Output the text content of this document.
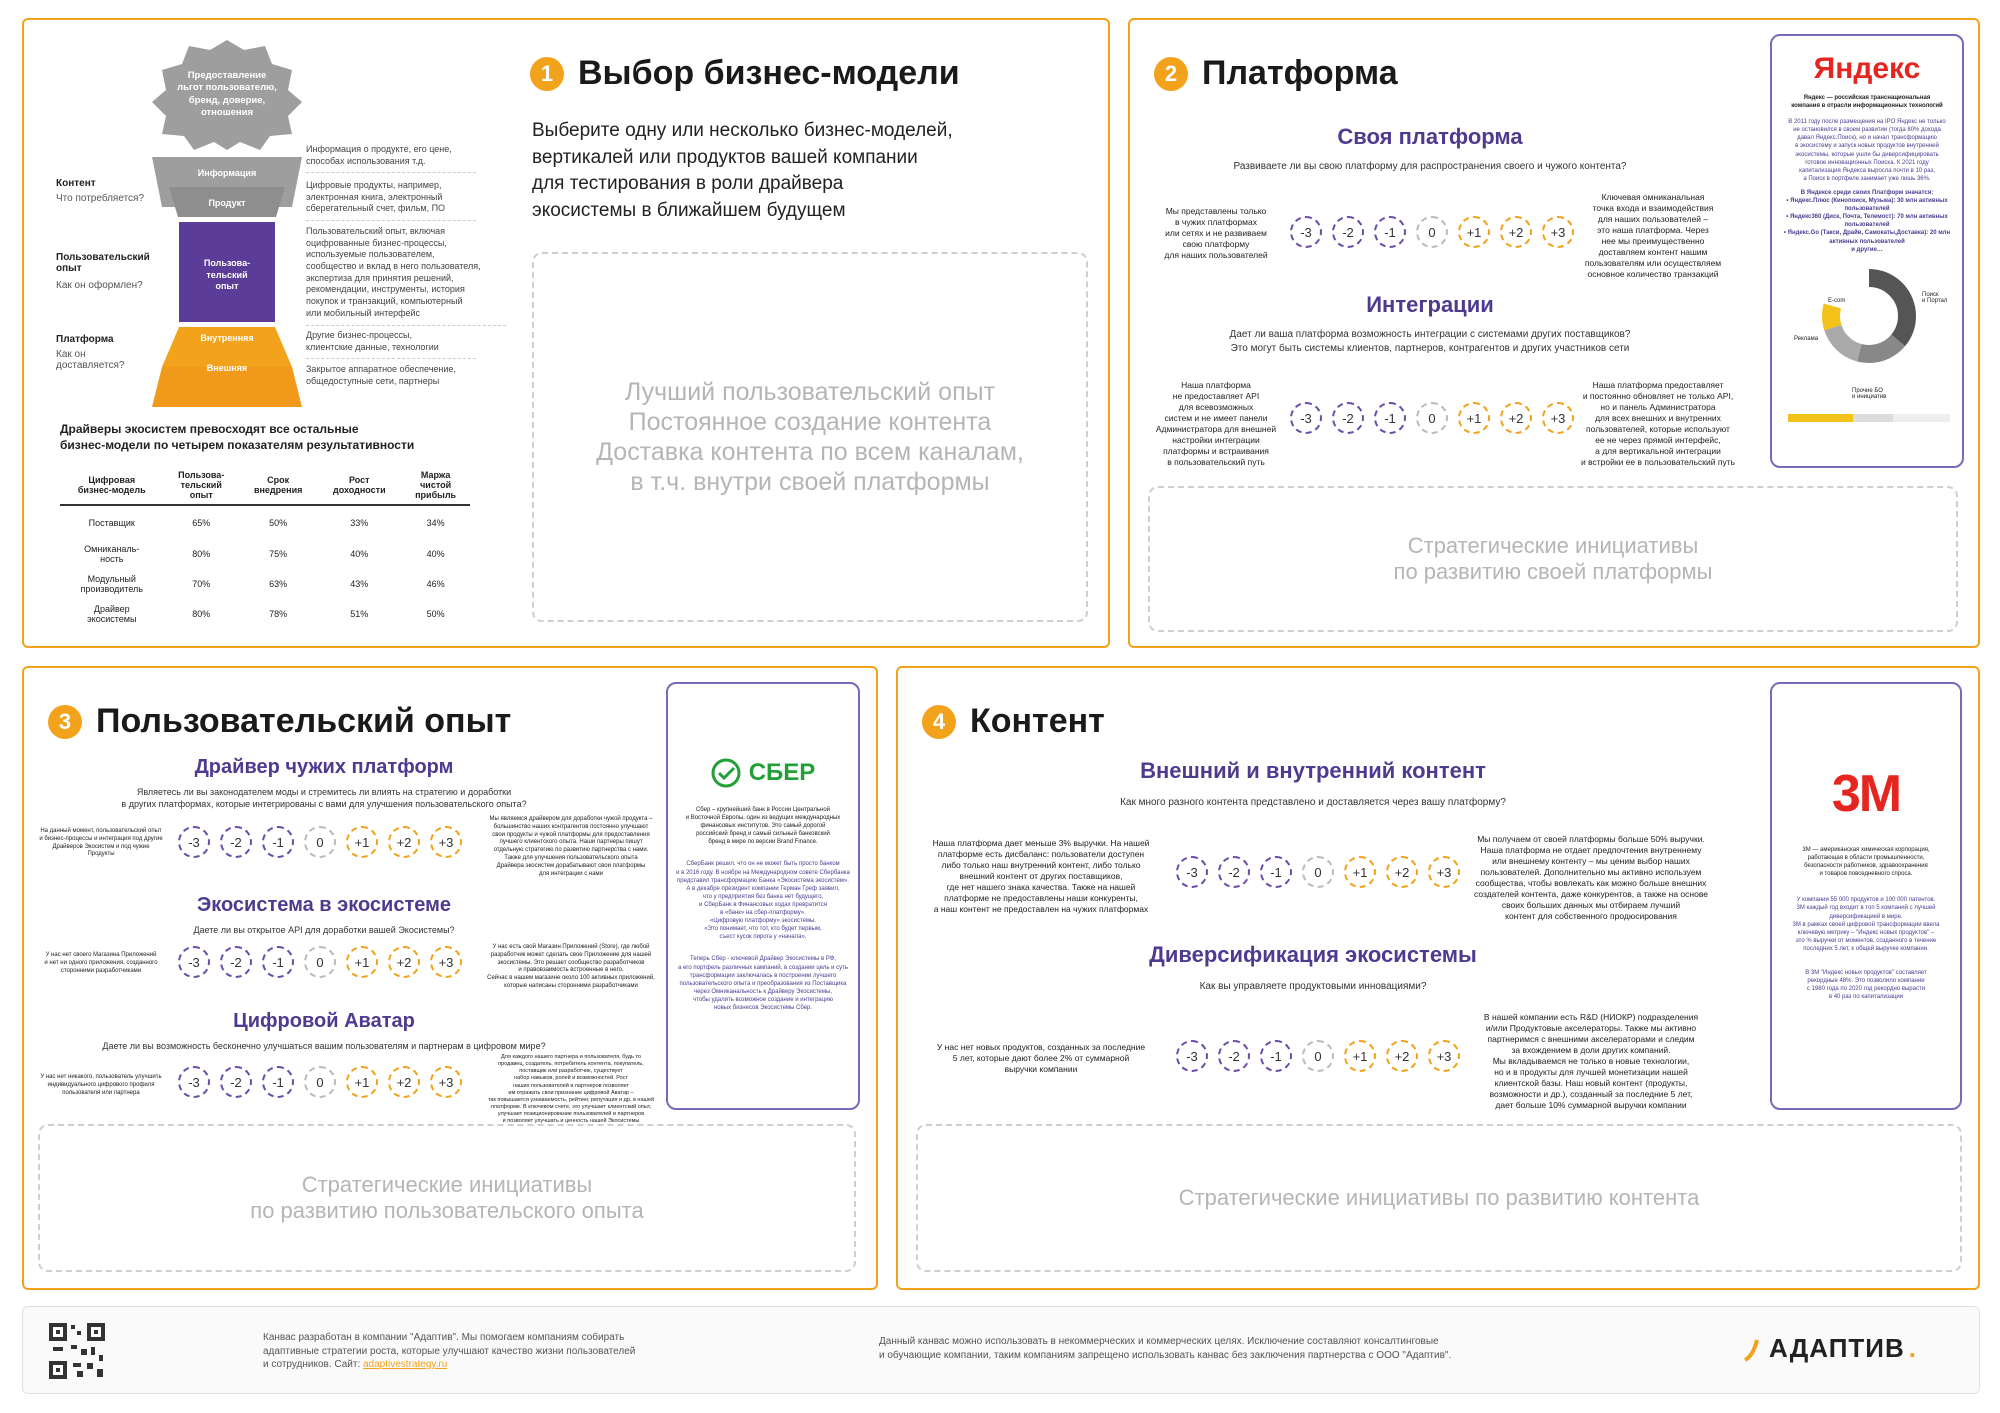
1 Выбор бизнес-модели
Предоставление
льгот пользователю,
бренд, доверие,
отношения
Информация
Продукт
Пользова-
тельский
опыт
Внутренняя
Внешняя
Контент
Что потребляется?
Пользовательский
опыт
Как он оформлен?
Платформа
Как он
доставляется?
Информация о продукте, его цене,
способах использования т.д.
Цифровые продукты, например,
электронная книга, электронный
сберегательный счет, фильм, ПО
Пользовательский опыт, включая
оцифрованные бизнес-процессы,
используемые пользователем,
сообщество и вклад в него пользователя,
экспертиза для принятия решений,
рекомендации, инструменты, история
покупок и транзакций, компьютерный
или мобильный интерфейс
Другие бизнес-процессы,
клиентские данные, технологии
Закрытое аппаратное обеспечение,
общедоступные сети, партнеры
Драйверы экосистем превосходят все остальные
бизнес-модели по четырем показателям результативности
Цифровая
бизнес-модель	Пользова-
тельский
опыт	Срок
внедрения	Рост
доходности	Маржа
чистой
прибыль
Поставщик	65%	50%	33%	34%
Омниканаль-
ность	80%	75%	40%	40%
Модульный
производитель	70%	63%	43%	46%
Драйвер
экосистемы	80%	78%	51%	50%
Выберите одну или несколько бизнес-моделей,
вертикалей или продуктов вашей компании
для тестирования в роли драйвера
экосистемы в ближайшем будущем
Лучший пользовательский опыт
Постоянное создание контента
Доставка контента по всем каналам,
в т.ч. внутри своей платформы
2 Платформа
Своя платформа
Развиваете ли вы свою платформу для распространения своего и чужого контента?
Мы представлены только
в чужих платформах
или сетях и не развиваем
свою платформу
для наших пользователей
-3	-2	-1	0	+1	+2	+3
Ключевая омниканальная
точка входа и взаимодействия
для наших пользователей –
это наша платформа. Через
нее мы преимущественно
доставляем контент нашим
пользователям или осуществляем
основное количество транзакций
Интеграции
Дает ли ваша платформа возможность интеграции с системами других поставщиков?
Это могут быть системы клиентов, партнеров, контрагентов и других участников сети
Наша платформа
не предоставляет API
для всевозможных
систем и не имеет панели
Администратора для внешней
настройки интеграции
платформы и встраивания
в пользовательский путь
-3	-2	-1	0	+1	+2	+3
Наша платформа предоставляет
и постоянно обновляет не только API,
но и панель Администратора
для всех внешних и внутренних
пользователей, которые используют
ее не через прямой интерфейс,
а для вертикальной интеграции
и встройки ее в пользовательский путь
Яндекс
Яндекс — российская транснациональная
компания в отрасли информационных технологий
В 2011 году после размещения на IPO Яндекс не только
не остановился в своем развитии (тогда 80% дохода
давал Яндекс.Поиск), но и начал трансформацию
в экосистему и запуск новых продуктов внутренней
экосистемы, которые ушли бы диверсифицировать
готовое инновационных Поиска. К 2021 году
капитализация Яндекса выросла почти в 10 раз,
а Поиск в портфеле занимает уже лишь 36%.
В Яндексе среди своих Платформ значатся:
• Яндекс.Плюс (Кинопоиск, Музыка): 30 млн активных
пользователей
• Яндекс360 (Диск, Почта, Телемост): 70 млн активных
пользователей
• Яндекс.Go (Такси, Драйв, Самокаты,Доставка): 20 млн
активных пользователей
и другие…
Поиск
и Портал
E-com
Реклама
Прочие БО
и инициатив
Стратегические инициативы
по развитию своей платформы
3 Пользовательский опыт
Драйвер чужих платформ
Являетесь ли вы законодателем моды и стремитесь ли влиять на стратегию и доработки
в других платформах, которые интегрированы с вами для улучшения пользовательского опыта?
На данный момент, пользовательский опыт
и бизнес-процессы и интеграция под другие
Драйверов Экосистем и под чужие
Продукты
-3	-2	-1	0	+1	+2	+3
Мы являемся драйвером для доработки чужой продукта –
большинство наших контрагентов постоянно улучшают
свои продукты и чужой платформы для предоставления
лучшего клиентского опыта. Наши партнеры пишут
отдельную стратегию по развитию партнерства с нами.
Также для улучшения пользовательского опыта
Драйвера экосистем дорабатывают свои платформы
для интеграции с нами
Экосистема в экосистеме
Даете ли вы открытое API для доработки вашей Экосистемы?
У нас нет своего Магазина Приложений
и нет ни одного приложения, созданного
сторонними разработчиками
-3	-2	-1	0	+1	+2	+3
У нас есть свой Магазин Приложений (Store), где любой
разработчик может сделать свое Приложение для нашей
экосистемы. Это решает сообщество разработчиков
и правовзаимость встроенные в него.
Сейчас в нашем магазине около 100 активных приложений,
которые написаны сторонними разработчиками
Цифровой Аватар
Даете ли вы возможность бесконечно улучшаться вашим пользователям и партнерам в цифровом мире?
У нас нет никакого, пользователь улучшить
индивидуального цифрового профиля
пользователя или партнера
-3	-2	-1	0	+1	+2	+3
Для каждого нашего партнера и пользователя, будь то
продавец, создатель, потребитель контента, покупатель,
поставщик или разработчик, существует
набор навыков, ролей и возможностей. Рост
наших пользователей и партнеров позволяет
им отражать свои признание цифровой Аватар –
так повышается узнаваемость, рейтинг, репутация и др. в нашей
платформе. В ключевом счете, это улучшает клиентский опыт,
улучшает позиционирование пользователей и партнеров
и позволяет улучшать и ценность нашей Экосистемы
СБЕР
Сбер – крупнейший банк в России Центральной
и Восточной Европы, один из ведущих международных
финансовых институтов. Это самый дорогой
российский бренд и самый сильный банковский
бренд в мире по версии Brand Finance.
СберБанк решил, что он не может быть просто банком
и в 2016 году. В ноябре на Международном совете Сбербанка
представил трансформацию Банка «Экосистема экосистем».
А в декабре президент компании Герман Греф заявил,
что у предприятия без банка нет будущего,
и СберБанк в Финансовых ходах превратится
в «банк» на сбер-платформу».
«Цифровую платформу» экосистемы.
«Это понимает, что тот, кто будет первым,
съест кусок пирога у «начала».
Теперь Сбер - ключевой Драйвер Экосистемы в РФ,
а его портфель различных кампаний, в создании цель и суть
трансформации заключалась в построении лучшего
пользовательского опыта и преобразования из Поставщика
через Омниканальность к Драйверу Экосистемы,
чтобы удалить возможное создание и интеграцию
новых бизнесов Экосистемы Сбер.
Стратегические инициативы
по развитию пользовательского опыта
4 Контент
Внешний и внутренний контент
Как много разного контента представлено и доставляется через вашу платформу?
Наша платформа дает меньше 3% выручки. На нашей
платформе есть дисбаланс: пользователи доступен
либо только наш внутренний контент, либо только
внешний контент от других поставщиков,
где нет нашего знака качества. Также на нашей
платформе не предоставлены наши конкуренты,
а наш контент не предоставлен на чужих платформах
-3	-2	-1	0	+1	+2	+3
Мы получаем от своей платформы больше 50% выручки.
Наша платформа не отдает предпочтения внутреннему
или внешнему контенту – мы ценим выбор наших
пользователей. Дополнительно мы активно используем
сообщества, чтобы вовлекать как можно больше внешних
создателей контента, даже конкурентов, а также на основе
своих больших данных мы отбираем лучший
контент для собственного продюсирования
Диверсификация экосистемы
Как вы управляете продуктовыми инновациями?
У нас нет новых продуктов, созданных за последние
5 лет, которые дают более 2% от суммарной
выручки компании
-3	-2	-1	0	+1	+2	+3
В нашей компании есть R&D (НИОКР) подразделения
и/или Продуктовые акселераторы. Также мы активно
партнеримся с внешними акселераторами и следим
за вхождением в доли других компаний.
Мы вкладываемся не только в новые технологии,
но и в продукты для лучшей монетизации нашей
клиентской базы. Наш новый контент (продукты,
возможности и др.), созданный за последние 5 лет,
дает больше 10% суммарной выручки компании
3M
3M — американская химическая корпорация,
работающая в области промышленности,
безопасности работников, здравоохранения
и товаров повседневного спроса.
У компании 55 000 продуктов и 100 000 патентов.
3M каждый год входит в топ 5 компаний с лучшей
диверсификацией в мире.
3M в рамках своей цифровой трансформации ввела
ключевую метрику – "Индекс новых продуктов" –
это % выручки от моментов, созданного в течение
последних 5 лет, к общей выручке компании.
В 3M "Индекс новых продуктов" составляет
рекордные 48%. Это позволило компании
с 1980 года по 2020 год рекордно вырасти
в 40 раз по капитализации
Стратегические инициативы по развитию контента
Канвас разработан в компании "Адаптив". Мы помогаем компаниям собирать
адаптивные стратегии роста, которые улучшают качество жизни пользователей
и сотрудников. Сайт: adaptivestrategy.ru
Данный канвас можно использовать в некоммерческих и коммерческих целях. Исключение составляют консалтинговые
и обучающие компании, таким компаниям запрещено использовать канвас без заключения партнерства с ООО "Адаптив".	АДАПТИВ .
